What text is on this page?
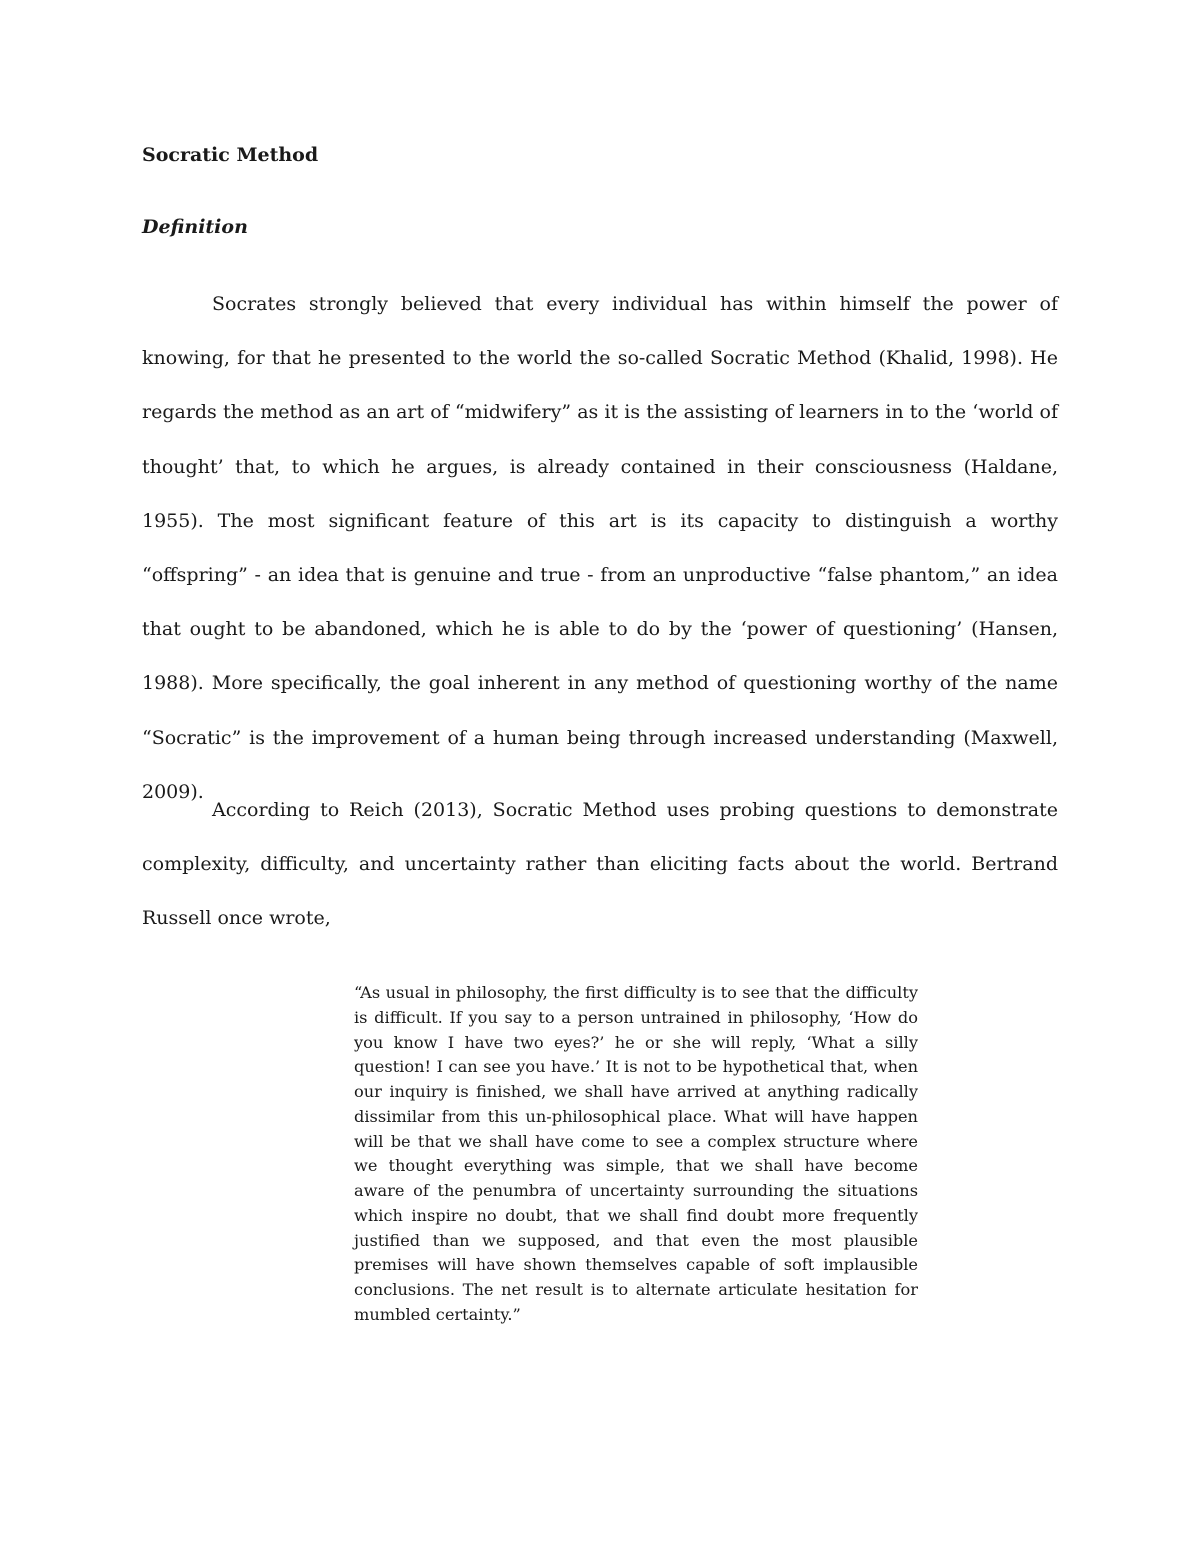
Socratic Method
Definition

Socrates strongly believed that every individual has within himself the power of knowing, for that he presented to the world the so-called Socratic Method (Khalid, 1998). He regards the method as an art of “midwifery” as it is the assisting of learners in to the ‘world of thought’ that, to which he argues, is already contained in their consciousness (Haldane, 1955). The most significant feature of this art is its capacity to distinguish a worthy “offspring” - an idea that is genuine and true - from an unproductive “false phantom,” an idea that ought to be abandoned, which he is able to do by the ‘power of questioning’ (Hansen, 1988). More specifically, the goal inherent in any method of questioning worthy of the name “Socratic” is the improvement of a human being through increased understanding (Maxwell, 2009).

According to Reich (2013), Socratic Method uses probing questions to demonstrate complexity, difficulty, and uncertainty rather than eliciting facts about the world. Bertrand Russell once wrote,

“As usual in philosophy, the first difficulty is to see that the difficulty is difficult. If you say to a person untrained in philosophy, ‘How do you know I have two eyes?’ he or she will reply, ‘What a silly question! I can see you have.’ It is not to be hypothetical that, when our inquiry is finished, we shall have arrived at anything radically dissimilar from this un-philosophical place. What will have happen will be that we shall have come to see a complex structure where we thought everything was simple, that we shall have become aware of the penumbra of uncertainty surrounding the situations which inspire no doubt, that we shall find doubt more frequently justified than we supposed, and that even the most plausible premises will have shown themselves capable of soft implausible conclusions. The net result is to alternate articulate hesitation for mumbled certainty.”
